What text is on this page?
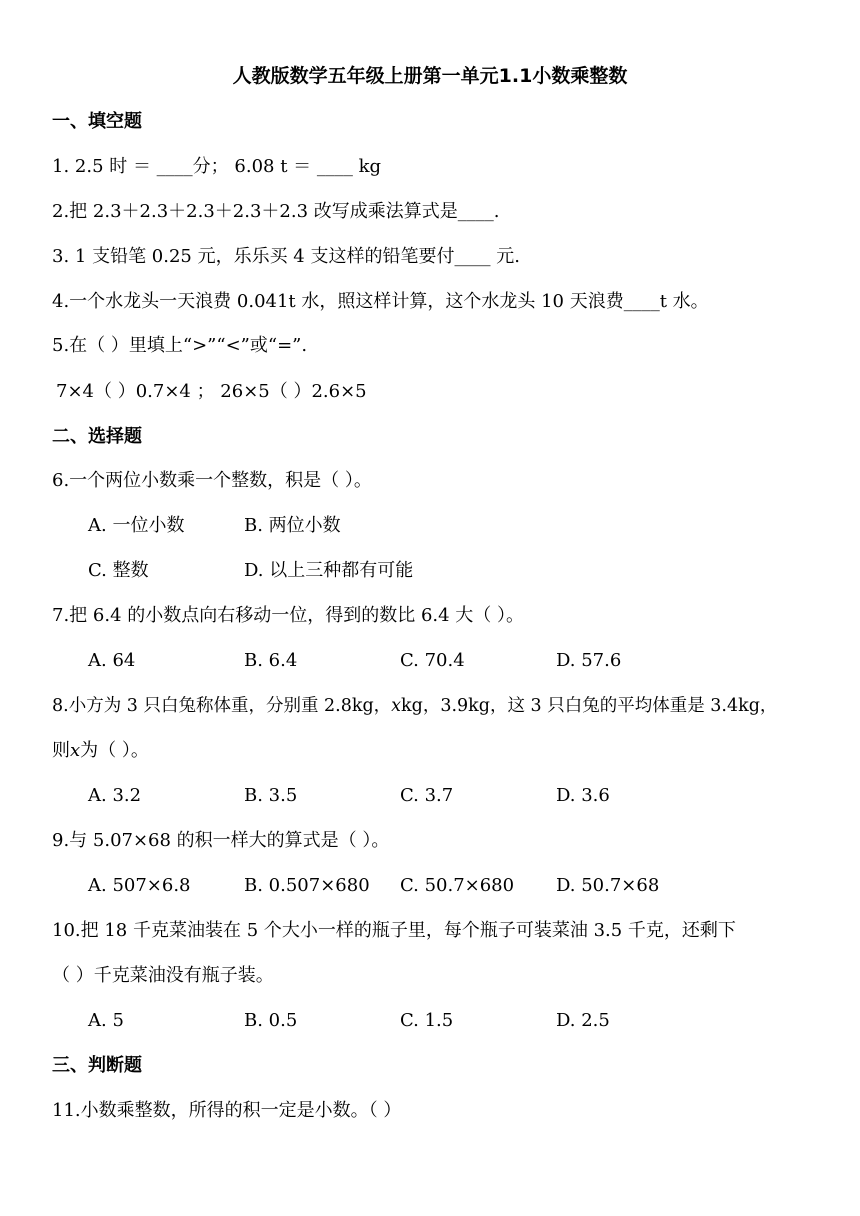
人教版数学五年级上册第一单元1.1小数乘整数
一、填空题
1. 2.5 时 ＝ ____分； 6.08 t ＝ ____ kg
2.把 2.3＋2.3＋2.3＋2.3＋2.3 改写成乘法算式是____.
3. 1 支铅笔 0.25 元，乐乐买 4 支这样的铅笔要付____ 元.
4.一个水龙头一天浪费 0.041t 水，照这样计算，这个水龙头 10 天浪费____t 水。
5.在（ ）里填上“>”“<”或“=”.
7×4（ ）0.7×4 ； 26×5（ ）2.6×5
二、选择题
6.一个两位小数乘一个整数，积是（ ）。
A. 一位小数	B. 两位小数
C. 整数	D. 以上三种都有可能
7.把 6.4 的小数点向右移动一位，得到的数比 6.4 大（ ）。
A. 64	B. 6.4	C. 70.4	D. 57.6
8.小方为 3 只白兔称体重，分别重 2.8kg，𝑥kg，3.9kg，这 3 只白兔的平均体重是 3.4kg，
则𝑥为（ ）。
A. 3.2	B. 3.5	C. 3.7	D. 3.6
9.与 5.07×68 的积一样大的算式是（ ）。
A. 507×6.8	B. 0.507×680 C. 50.7×680 D. 50.7×68
10.把 18 千克菜油装在 5 个大小一样的瓶子里，每个瓶子可装菜油 3.5 千克，还剩下
（ ）千克菜油没有瓶子装。
A. 5	B. 0.5	C. 1.5	D. 2.5
三、判断题
11.小数乘整数，所得的积一定是小数。（ ）
